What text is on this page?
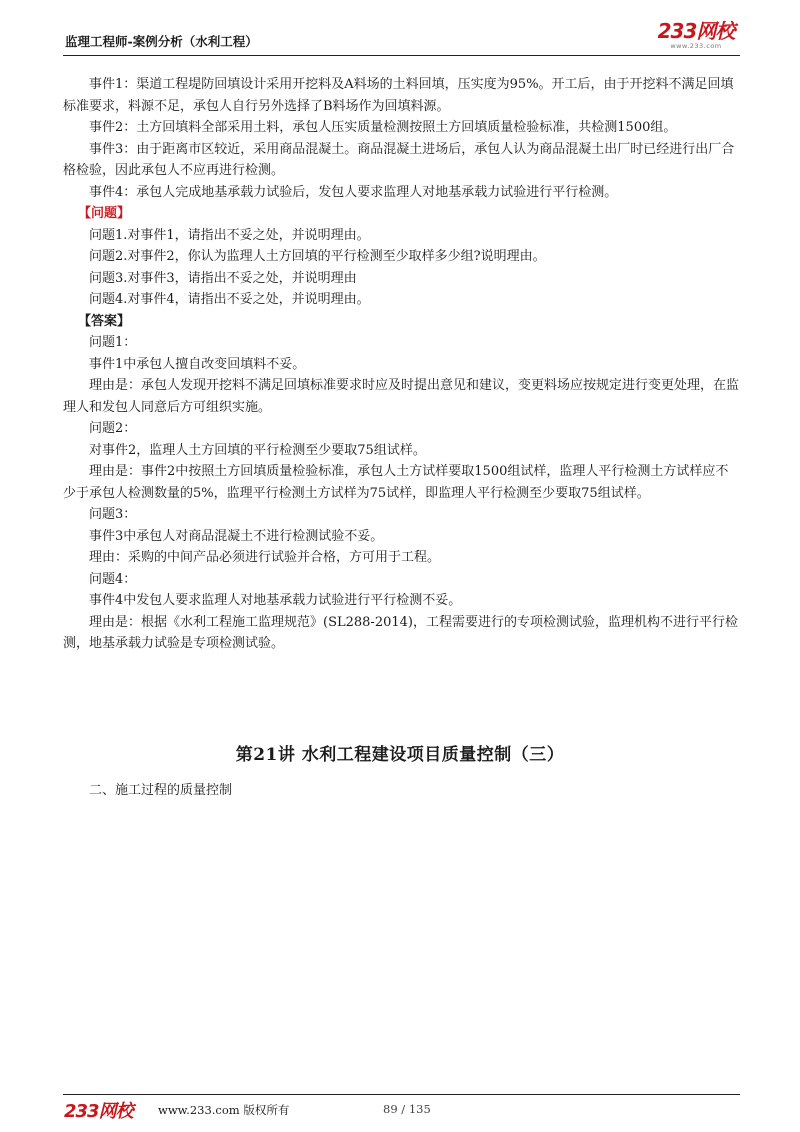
监理工程师-案例分析（水利工程）	233网校
www.233.com

事件1：渠道工程堤防回填设计采用开挖料及A料场的土料回填，压实度为95%。开工后，由于开挖料不满足回填标准要求，料源不足，承包人自行另外选择了B料场作为回填料源。

事件2：土方回填料全部采用土料，承包人压实质量检测按照土方回填质量检验标准，共检测1500组。

事件3：由于距离市区较近，采用商品混凝土。商品混凝土进场后，承包人认为商品混凝土出厂时已经进行出厂合格检验，因此承包人不应再进行检测。

事件4：承包人完成地基承载力试验后，发包人要求监理人对地基承载力试验进行平行检测。

【问题】

问题1.对事件1，请指出不妥之处，并说明理由。

问题2.对事件2，你认为监理人土方回填的平行检测至少取样多少组?说明理由。

问题3.对事件3，请指出不妥之处，并说明理由

问题4.对事件4，请指出不妥之处，并说明理由。

【答案】

问题1：

事件1中承包人擅自改变回填料不妥。

理由是：承包人发现开挖料不满足回填标准要求时应及时提出意见和建议，变更料场应按规定进行变更处理，在监理人和发包人同意后方可组织实施。

问题2：

对事件2，监理人土方回填的平行检测至少要取75组试样。

理由是：事件2中按照土方回填质量检验标准，承包人土方试样要取1500组试样，监理人平行检测土方试样应不少于承包人检测数量的5%，监理平行检测土方试样为75试样，即监理人平行检测至少要取75组试样。

问题3：

事件3中承包人对商品混凝土不进行检测试验不妥。

理由：采购的中间产品必须进行试验并合格，方可用于工程。

问题4：

事件4中发包人要求监理人对地基承载力试验进行平行检测不妥。

理由是：根据《水利工程施工监理规范》(SL288-2014)，工程需要进行的专项检测试验，监理机构不进行平行检测，地基承载力试验是专项检测试验。

第21讲 水利工程建设项目质量控制（三）
二、施工过程的质量控制
233网校 www.233.com 版权所有	89 / 135
